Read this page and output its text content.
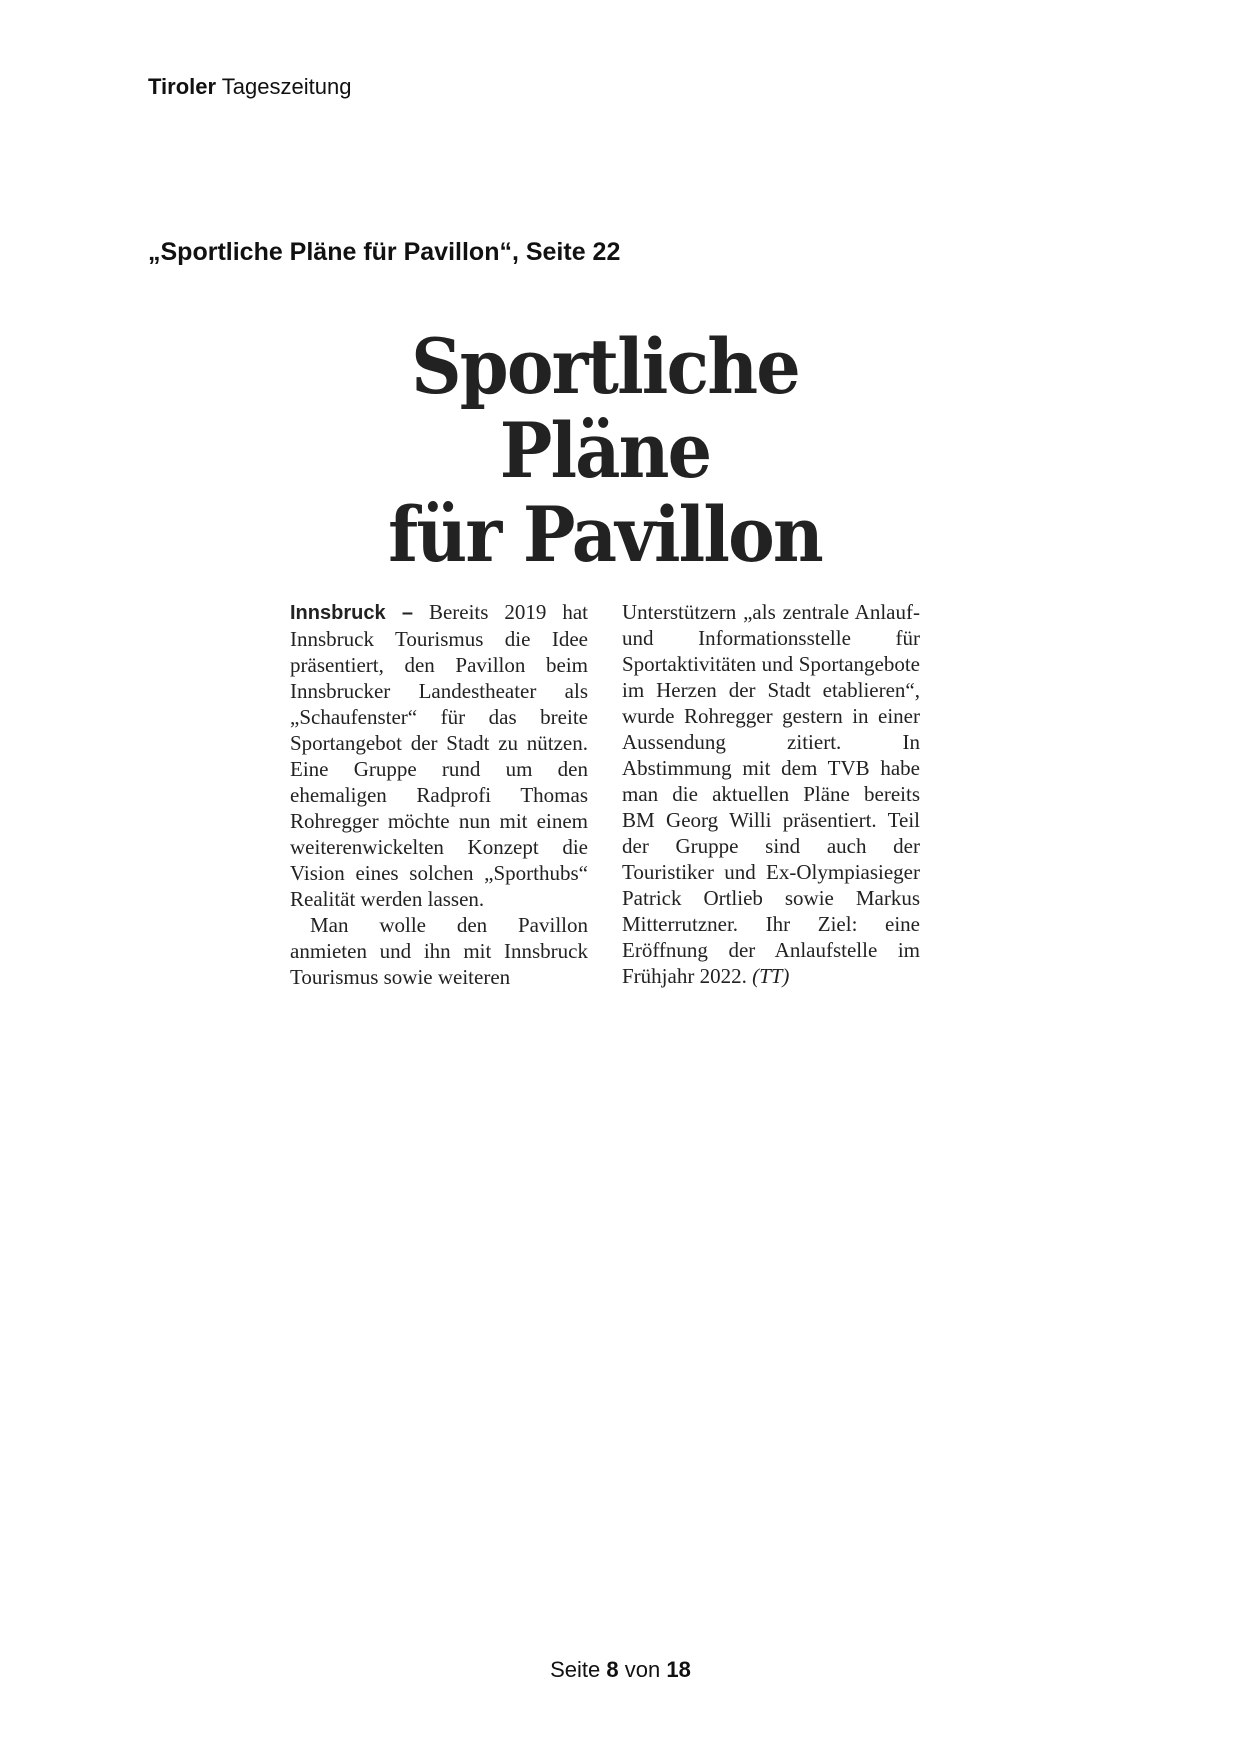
Tiroler Tageszeitung
„Sportliche Pläne für Pavillon“, Seite 22
Sportliche Pläne
für Pavillon

Innsbruck – Bereits 2019 hat Innsbruck Tourismus die Idee präsentiert, den Pavillon beim Innsbrucker Landestheater als „Schaufenster“ für das breite Sportangebot der Stadt zu nützen. Eine Gruppe rund um den ehemaligen Radprofi Thomas Rohregger möchte nun mit einem weiterenwickelten Konzept die Vision eines solchen „Sporthubs“ Realität werden lassen.

Man wolle den Pavillon anmieten und ihn mit Innsbruck Tourismus sowie weiteren

Unterstützern „als zentrale Anlauf- und Informationsstelle für Sportaktivitäten und Sportangebote im Herzen der Stadt etablieren“, wurde Rohregger gestern in einer Aussendung zitiert. In Abstimmung mit dem TVB habe man die aktuellen Pläne bereits BM Georg Willi präsentiert. Teil der Gruppe sind auch der Touristiker und Ex-Olympiasieger Patrick Ortlieb sowie Markus Mitterrutzner. Ihr Ziel: eine Eröffnung der Anlaufstelle im Frühjahr 2022. (TT)

Seite 8 von 18
